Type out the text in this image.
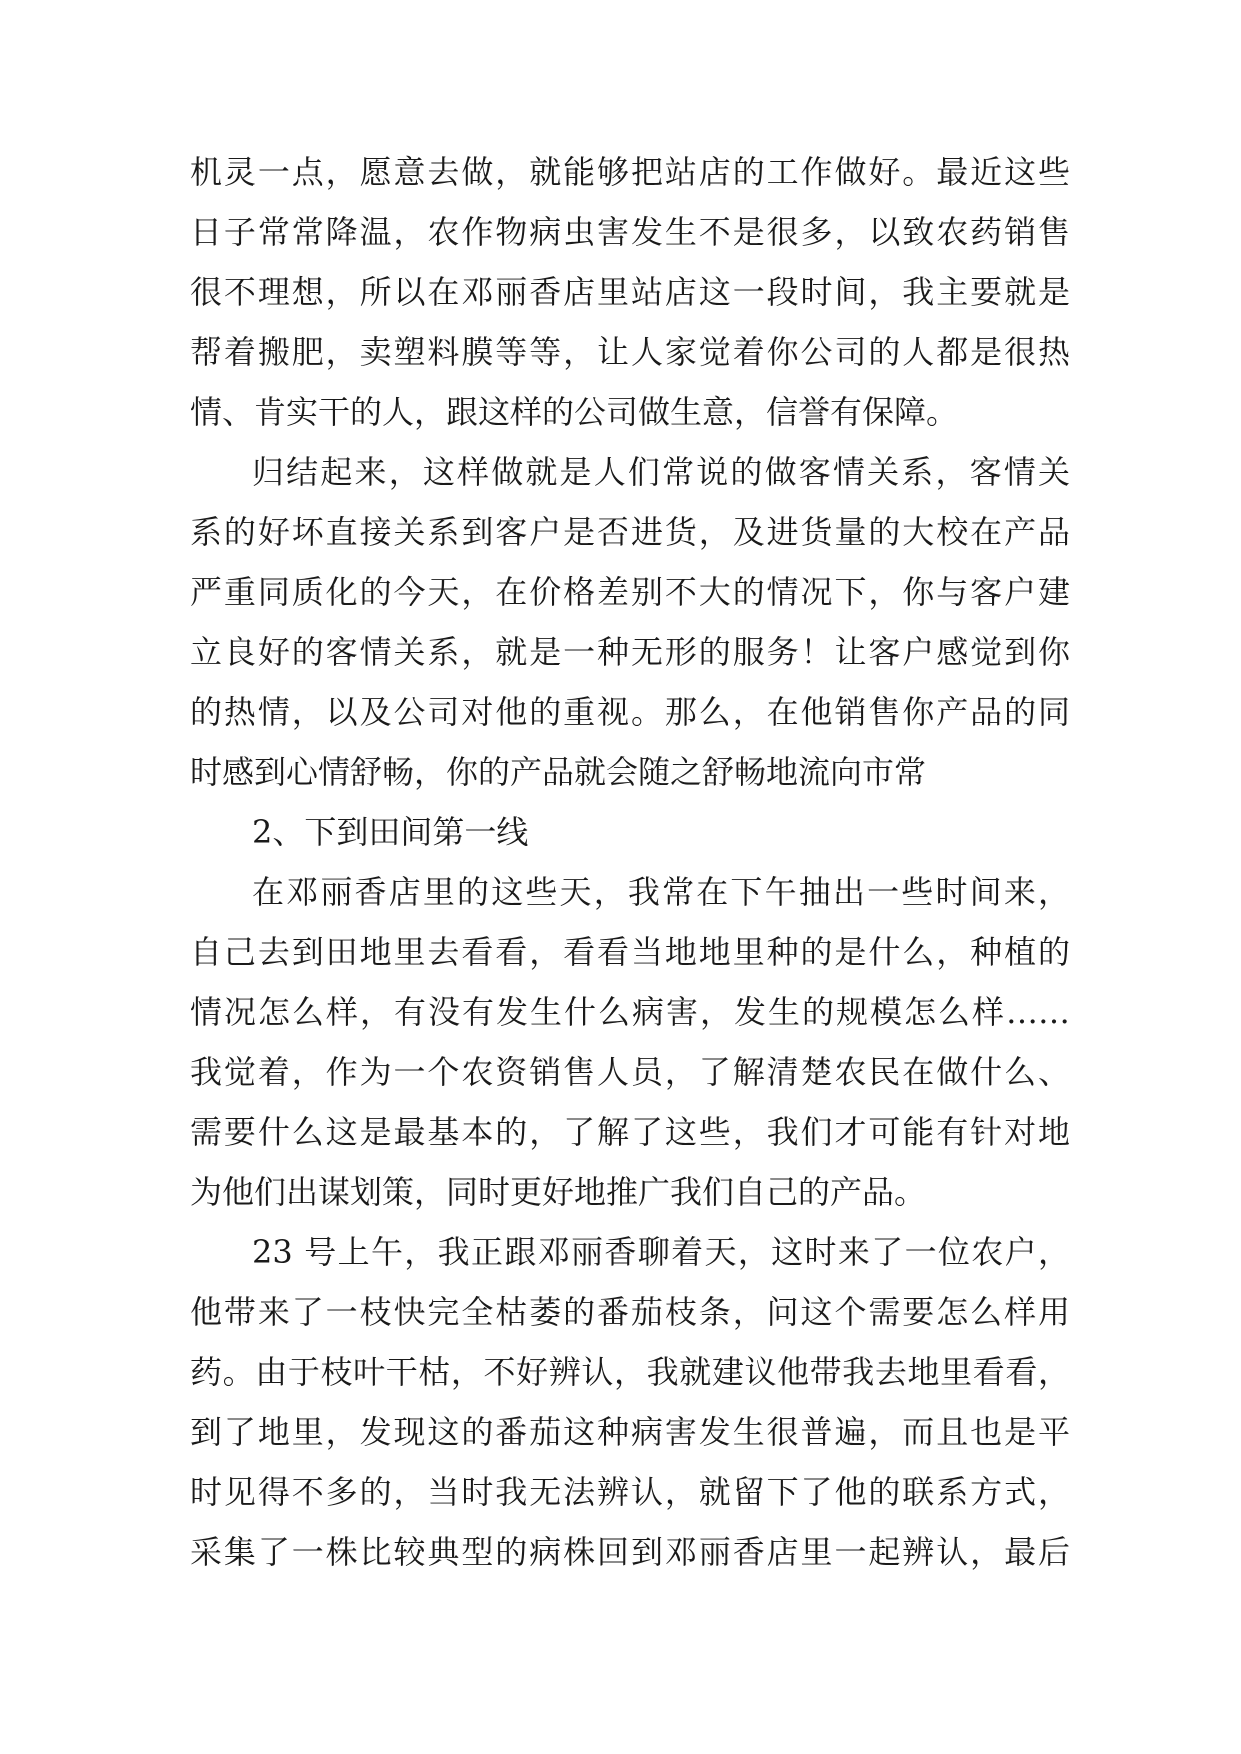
机灵一点，愿意去做，就能够把站店的工作做好。最近这些
日子常常降温，农作物病虫害发生不是很多，以致农药销售
很不理想，所以在邓丽香店里站店这一段时间，我主要就是
帮着搬肥，卖塑料膜等等，让人家觉着你公司的人都是很热
情、肯实干的人，跟这样的公司做生意，信誉有保障。
归结起来，这样做就是人们常说的做客情关系，客情关
系的好坏直接关系到客户是否进货，及进货量的大校在产品
严重同质化的今天，在价格差别不大的情况下，你与客户建
立良好的客情关系，就是一种无形的服务！让客户感觉到你
的热情，以及公司对他的重视。那么，在他销售你产品的同
时感到心情舒畅，你的产品就会随之舒畅地流向市常
2、下到田间第一线
在邓丽香店里的这些天，我常在下午抽出一些时间来，
自己去到田地里去看看，看看当地地里种的是什么，种植的
情况怎么样，有没有发生什么病害，发生的规模怎么样……
我觉着，作为一个农资销售人员，了解清楚农民在做什么、
需要什么这是最基本的，了解了这些，我们才可能有针对地
为他们出谋划策，同时更好地推广我们自己的产品。
23 号上午，我正跟邓丽香聊着天，这时来了一位农户，
他带来了一枝快完全枯萎的番茄枝条，问这个需要怎么样用
药。由于枝叶干枯，不好辨认，我就建议他带我去地里看看，
到了地里，发现这的番茄这种病害发生很普遍，而且也是平
时见得不多的，当时我无法辨认，就留下了他的联系方式，
采集了一株比较典型的病株回到邓丽香店里一起辨认，最后
